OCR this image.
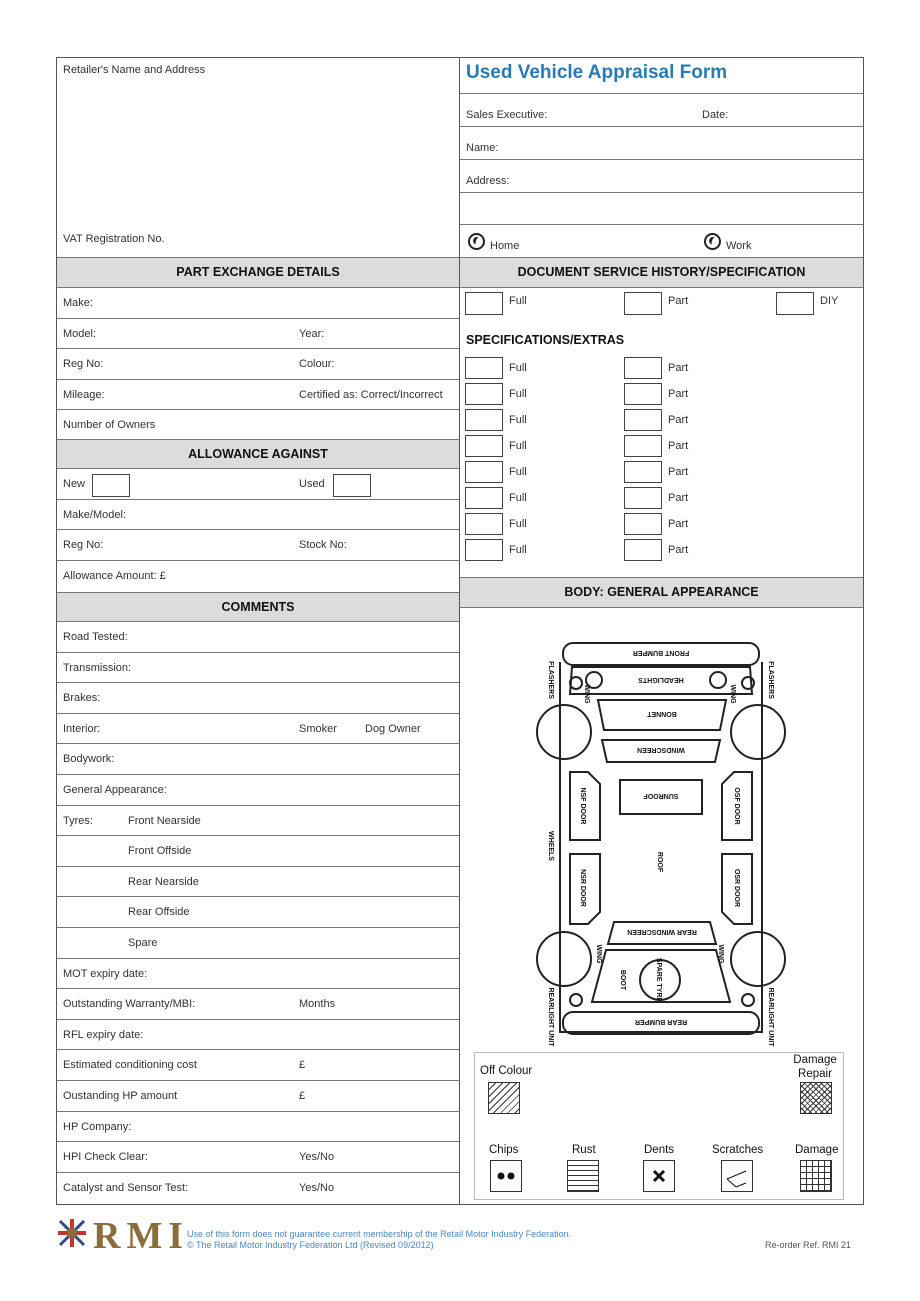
Retailer's Name and Address
VAT Registration No.
Used Vehicle Appraisal Form
Sales Executive:	Date:
Name:
Address:
Home	Work
PART EXCHANGE DETAILS	DOCUMENT SERVICE HISTORY/SPECIFICATION
Make:
Model:	Year:
Reg No:	Colour:
Mileage:	Certified as: Correct/Incorrect
Number of Owners
ALLOWANCE AGAINST
New	Used
Make/Model:
Reg No:	Stock No:
Allowance Amount: £
COMMENTS
Road Tested:
Transmission:
Brakes:
Interior:	Smoker	Dog Owner
Bodywork:
General Appearance:
Tyres:	Front Nearside
Front Offside
Rear Nearside
Rear Offside
Spare
MOT expiry date:
Outstanding Warranty/MBI:	Months
RFL expiry date:
Estimated conditioning cost	£
Oustanding HP amount	£
HP Company:
HPI Check Clear:	Yes/No
Catalyst and Sensor Test:	Yes/No
Full	Part	DIY
SPECIFICATIONS/EXTRAS
Full	Part
Full	Part
Full	Part
Full	Part
Full	Part
Full	Part
Full	Part
Full	Part
BODY: GENERAL APPEARANCE
FRONT BUMPER
HEADLIGHTS
BONNET
WINDSCREEN
SUNROOF
ROOF
NSF DOOR	OSF DOOR
NSR DOOR	OSR DOOR
REAR WINDSCREEN
BOOT	SPARE TYRE
REAR BUMPER
FLASHERS	FLASHERS
WING	WING
WHEELS
WING	WING
REARLIGHT UNIT	REARLIGHT UNIT
Off Colour
Damage Repair
Chips	Rust	Dents	Scratches	Damage
RMI
Use of this form does not guarantee current membership of the Retail Motor Industry Federation.
© The Retail Motor Industry Federation Ltd (Revised 09/2012)	Re-order Ref. RMI 21
